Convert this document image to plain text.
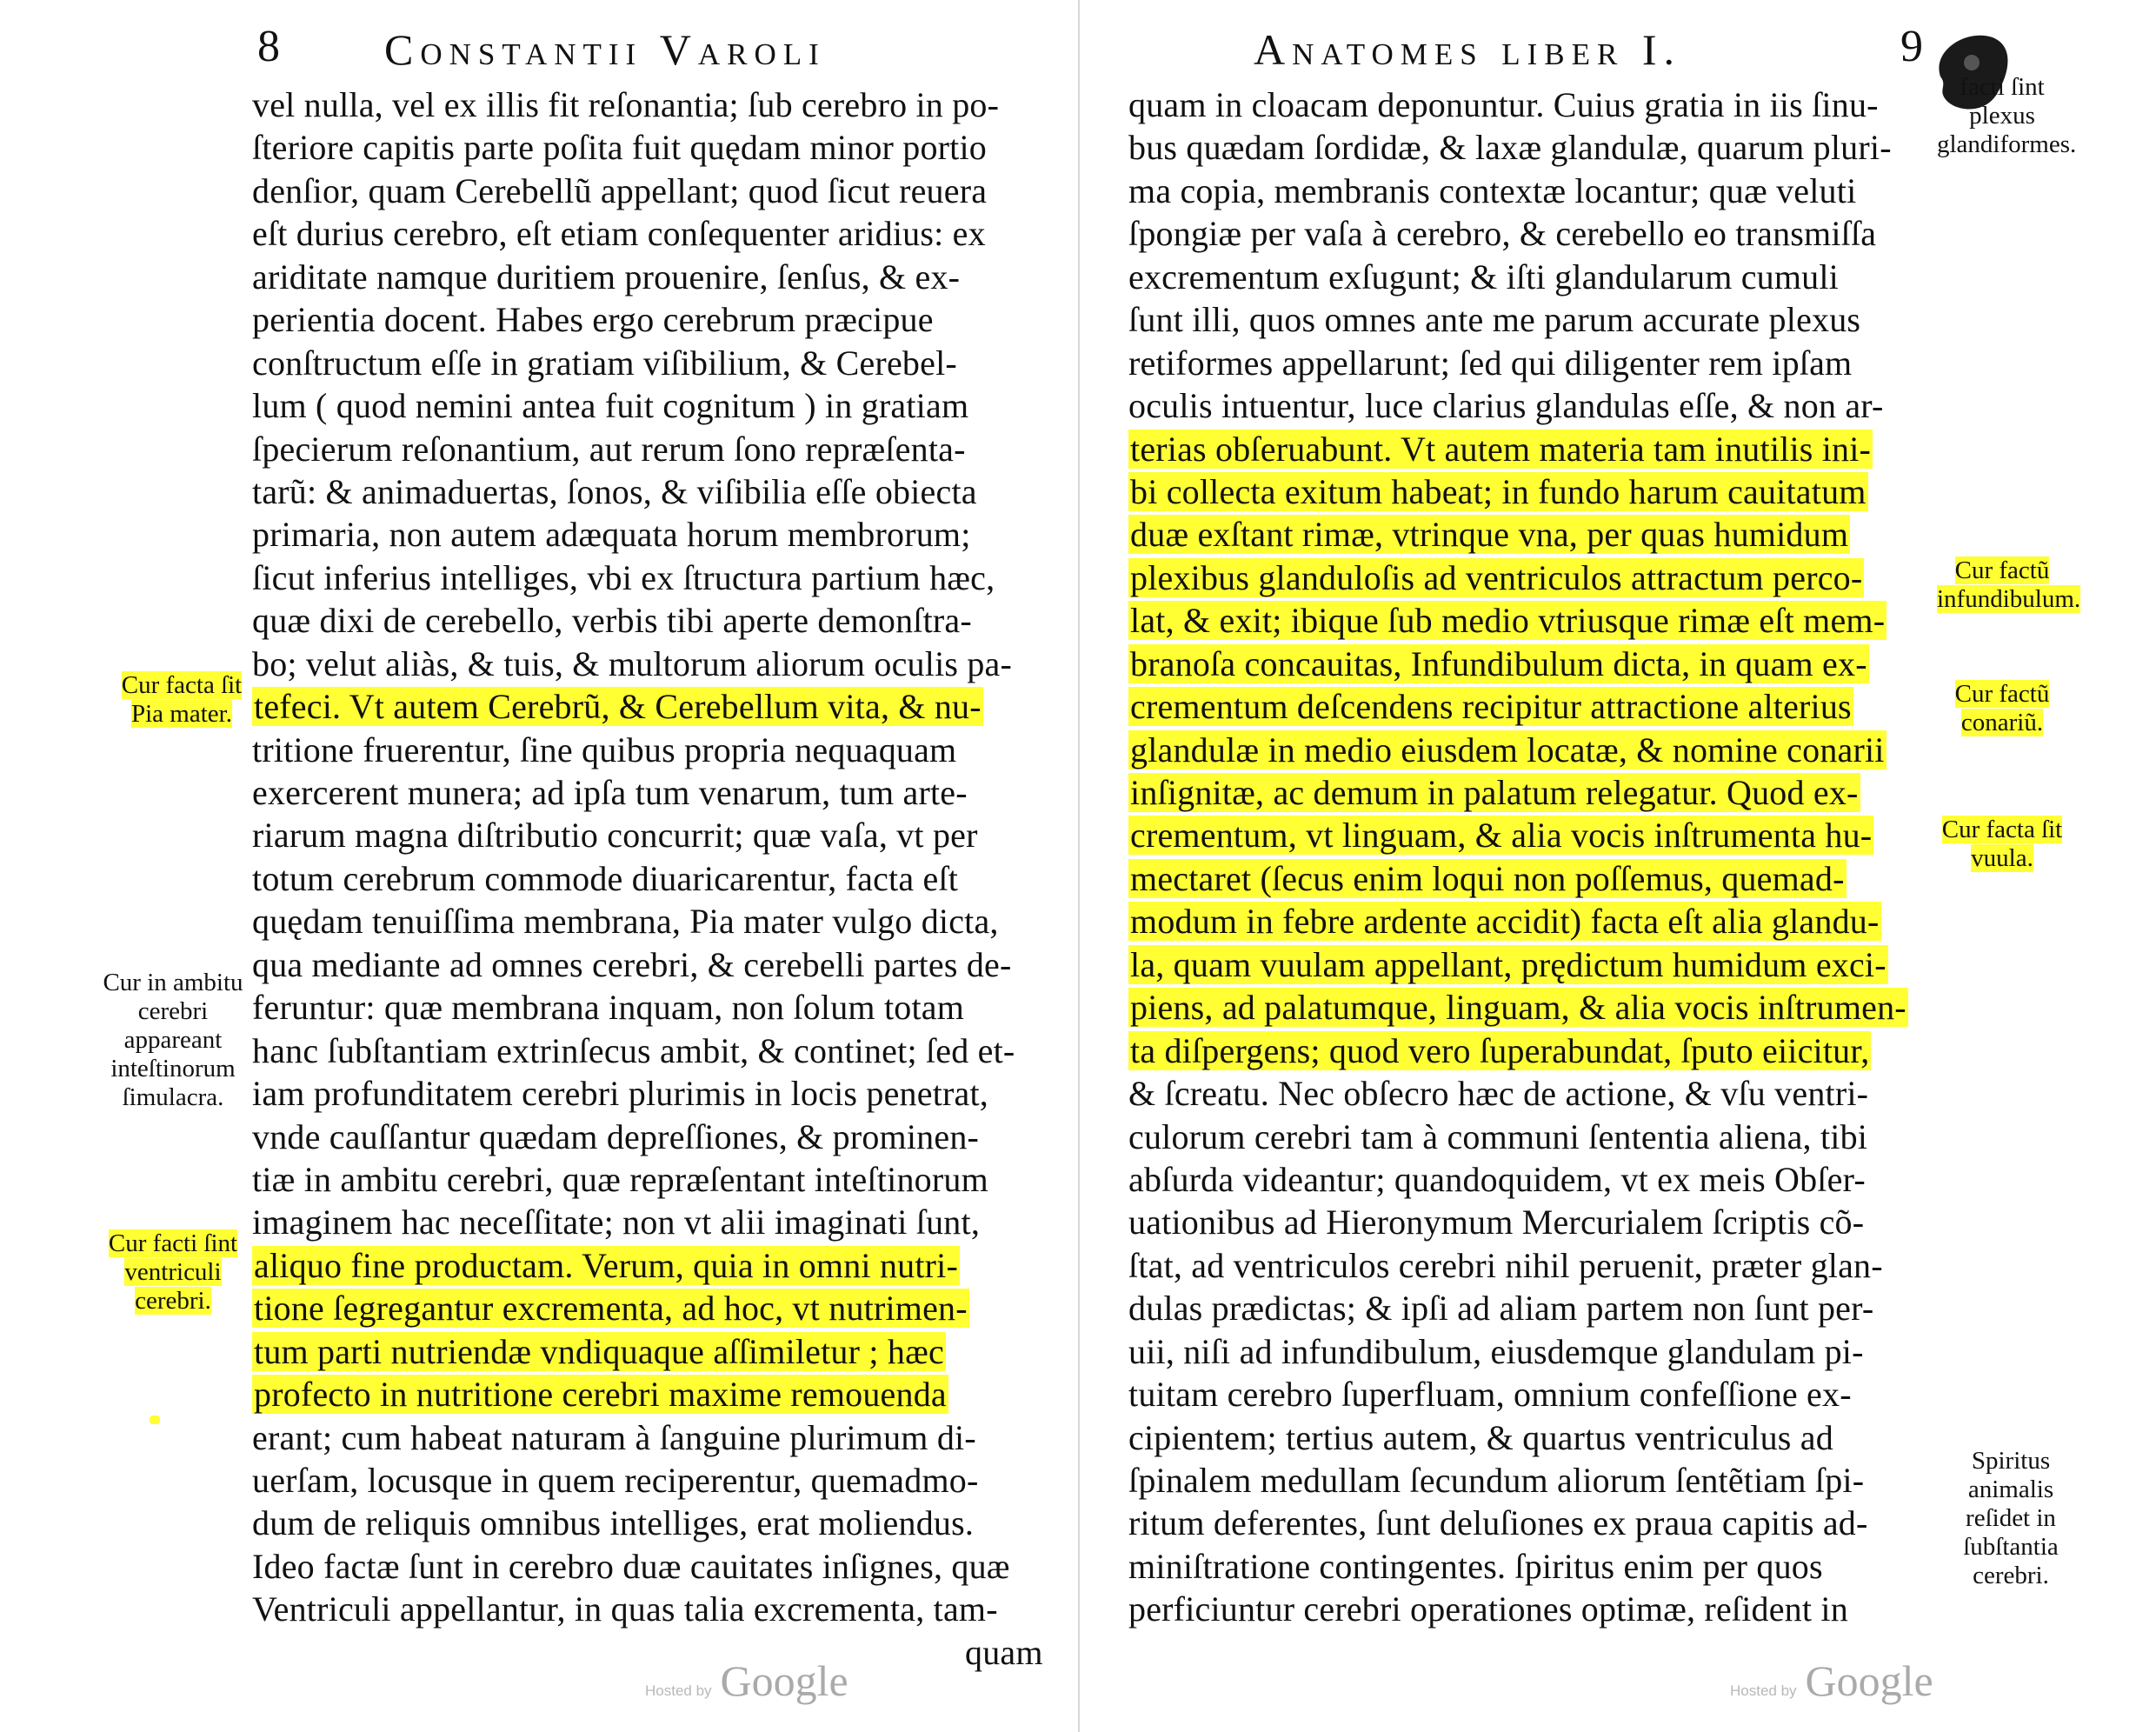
8 Constantii Varoli
vel nulla, vel ex illis fit reſonantia; ſub cerebro in po-
ſteriore capitis parte poſita fuit quędam minor portio
denſior, quam Cerebellũ appellant; quod ſicut reuera
eſt durius cerebro, eſt etiam conſequenter aridius: ex
ariditate namque duritiem prouenire, ſenſus, & ex-
perientia docent. Habes ergo cerebrum præcipue
conſtructum eſſe in gratiam viſibilium, & Cerebel-
lum ( quod nemini antea fuit cognitum ) in gratiam
ſpecierum reſonantium, aut rerum ſono repræſenta-
tarũ: & animaduertas, ſonos, & viſibilia eſſe obiecta
primaria, non autem adæquata horum membrorum;
ſicut inferius intelliges, vbi ex ſtructura partium hæc,
quæ dixi de cerebello, verbis tibi aperte demonſtra-
bo; velut aliàs, & tuis, & multorum aliorum oculis pa-
tefeci. Vt autem Cerebrũ, & Cerebellum vita, & nu-
tritione fruerentur, ſine quibus propria nequaquam
exercerent munera; ad ipſa tum venarum, tum arte-
riarum magna diſtributio concurrit; quæ vaſa, vt per
totum cerebrum commode diuaricarentur, facta eſt
quędam tenuiſſima membrana, Pia mater vulgo dicta,
qua mediante ad omnes cerebri, & cerebelli partes de-
feruntur: quæ membrana inquam, non ſolum totam
hanc ſubſtantiam extrinſecus ambit, & continet; ſed et-
iam profunditatem cerebri plurimis in locis penetrat,
vnde cauſſantur quædam depreſſiones, & prominen-
tiæ in ambitu cerebri, quæ repræſentant inteſtinorum
imaginem hac neceſſitate; non vt alii imaginati ſunt,
aliquo fine productam. Verum, quia in omni nutri-
tione ſegregantur excrementa, ad hoc, vt nutrimen-
tum parti nutriendæ vndiquaque aſſimiletur ; hæc
profecto in nutritione cerebri maxime remouenda
erant; cum habeat naturam à ſanguine plurimum di-
uerſam, locusque in quem reciperentur, quemadmo-
dum de reliquis omnibus intelliges, erat moliendus.
Ideo factæ ſunt in cerebro duæ cauitates inſignes, quæ
Ventriculi appellantur, in quas talia excrementa, tam-
quam
Cur facta ſit Pia mater.
Cur in ambitu cerebri appareant inteſtinorum ſimulacra.
Cur facti ſint ventriculi cerebri.
Hosted by Google
Anatomes liber I.	9
quam in cloacam deponuntur. Cuius gratia in iis ſinu-
bus quædam ſordidæ, & laxæ glandulæ, quarum pluri-
ma copia, membranis contextæ locantur; quæ veluti
ſpongiæ per vaſa à cerebro, & cerebello eo transmiſſa
excrementum exſugunt; & iſti glandularum cumuli
ſunt illi, quos omnes ante me parum accurate plexus
retiformes appellarunt; ſed qui diligenter rem ipſam
oculis intuentur, luce clarius glandulas eſſe, & non ar-
terias obſeruabunt. Vt autem materia tam inutilis ini-
bi collecta exitum habeat; in fundo harum cauitatum
duæ exſtant rimæ, vtrinque vna, per quas humidum
plexibus glanduloſis ad ventriculos attractum perco-
lat, & exit; ibique ſub medio vtriusque rimæ eſt mem-
branoſa concauitas, Infundibulum dicta, in quam ex-
crementum deſcendens recipitur attractione alterius
glandulæ in medio eiusdem locatæ, & nomine conarii
inſignitæ, ac demum in palatum relegatur. Quod ex-
crementum, vt linguam, & alia vocis inſtrumenta hu-
mectaret (ſecus enim loqui non poſſemus, quemad-
modum in febre ardente accidit) facta eſt alia glandu-
la, quam vuulam appellant, prędictum humidum exci-
piens, ad palatumque, linguam, & alia vocis inſtrumen-
ta diſpergens; quod vero ſuperabundat, ſputo eiicitur,
& ſcreatu. Nec obſecro hæc de actione, & vſu ventri-
culorum cerebri tam à communi ſententia aliena, tibi
abſurda videantur; quandoquidem, vt ex meis Obſer-
uationibus ad Hieronymum Mercurialem ſcriptis cõ-
ſtat, ad ventriculos cerebri nihil peruenit, præter glan-
dulas prædictas; & ipſi ad aliam partem non ſunt per-
uii, niſi ad infundibulum, eiusdemque glandulam pi-
tuitam cerebro ſuperfluam, omnium confeſſione ex-
cipientem; tertius autem, & quartus ventriculus ad
ſpinalem medullam ſecundum aliorum ſentẽtiam ſpi-
ritum deferentes, ſunt deluſiones ex praua capitis ad-
miniſtratione contingentes. ſpiritus enim per quos
perficiuntur cerebri operationes optimæ, reſident in
facti ſint plexus glandiformes.
Cur factũ infundibulum.
Cur factũ conariũ.
Cur facta ſit vuula.
Spiritus animalis reſidet in ſubſtantia cerebri.
Hosted by Google
